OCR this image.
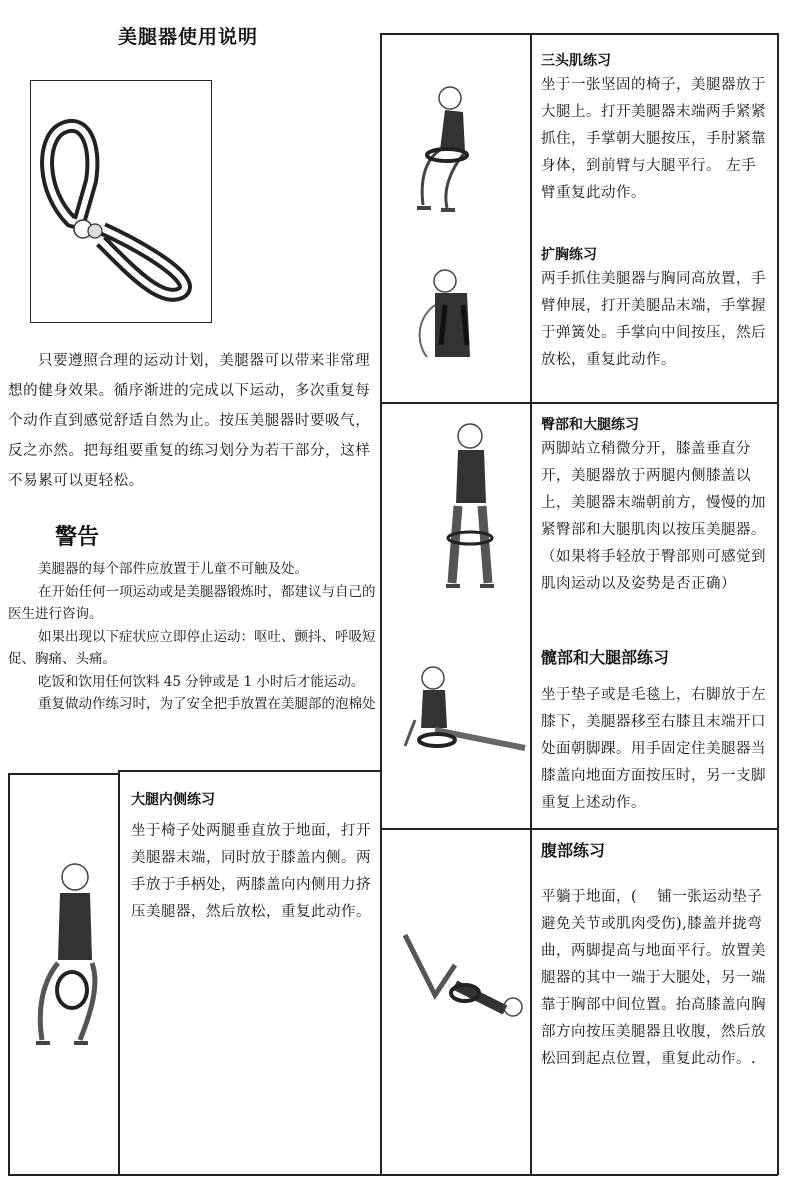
美腿器使用说明

只要遵照合理的运动计划，美腿器可以带来非常理想的健身效果。循序渐进的完成以下运动，多次重复每个动作直到感觉舒适自然为止。按压美腿器时要吸气，反之亦然。把每组要重复的练习划分为若干部分，这样不易累可以更轻松。

警告

美腿器的每个部件应放置于儿童不可触及处。

在开始任何一项运动或是美腿器锻炼时，都建议与自己的医生进行咨询。

如果出现以下症状应立即停止运动：呕吐、颤抖、呼吸短促、胸痛、头痛。

吃饭和饮用任何饮料 45 分钟或是 1 小时后才能运动。

重复做动作练习时，为了安全把手放置在美腿部的泡棉处

三头肌练习
坐于一张坚固的椅子，美腿器放于大腿上。打开美腿器末端两手紧紧抓住，手掌朝大腿按压，手肘紧靠身体，到前臂与大腿平行。 左手臂重复此动作。
扩胸练习
两手抓住美腿器与胸同高放置，手臂伸展，打开美腿品末端，手掌握于弹簧处。手掌向中间按压，然后放松，重复此动作。
臀部和大腿练习
两脚站立稍微分开，膝盖垂直分开，美腿器放于两腿内侧膝盖以上，美腿器末端朝前方，慢慢的加紧臀部和大腿肌肉以按压美腿器。（如果将手轻放于臀部则可感觉到肌肉运动以及姿势是否正确）
髋部和大腿部练习
坐于垫子或是毛毯上，右脚放于左膝下，美腿器移至右膝且末端开口处面朝脚踝。用手固定住美腿器当膝盖向地面方面按压时，另一支脚重复上述动作。
腹部练习
平躺于地面，(　 铺一张运动垫子避免关节或肌肉受伤),膝盖并拢弯曲，两脚提高与地面平行。放置美腿器的其中一端于大腿处，另一端靠于胸部中间位置。抬高膝盖向胸部方向按压美腿器且收腹，然后放松回到起点位置，重复此动作。.
大腿内侧练习
坐于椅子处两腿垂直放于地面，打开美腿器末端，同时放于膝盖内侧。两手放于手柄处，两膝盖向内侧用力挤压美腿器，然后放松，重复此动作。
